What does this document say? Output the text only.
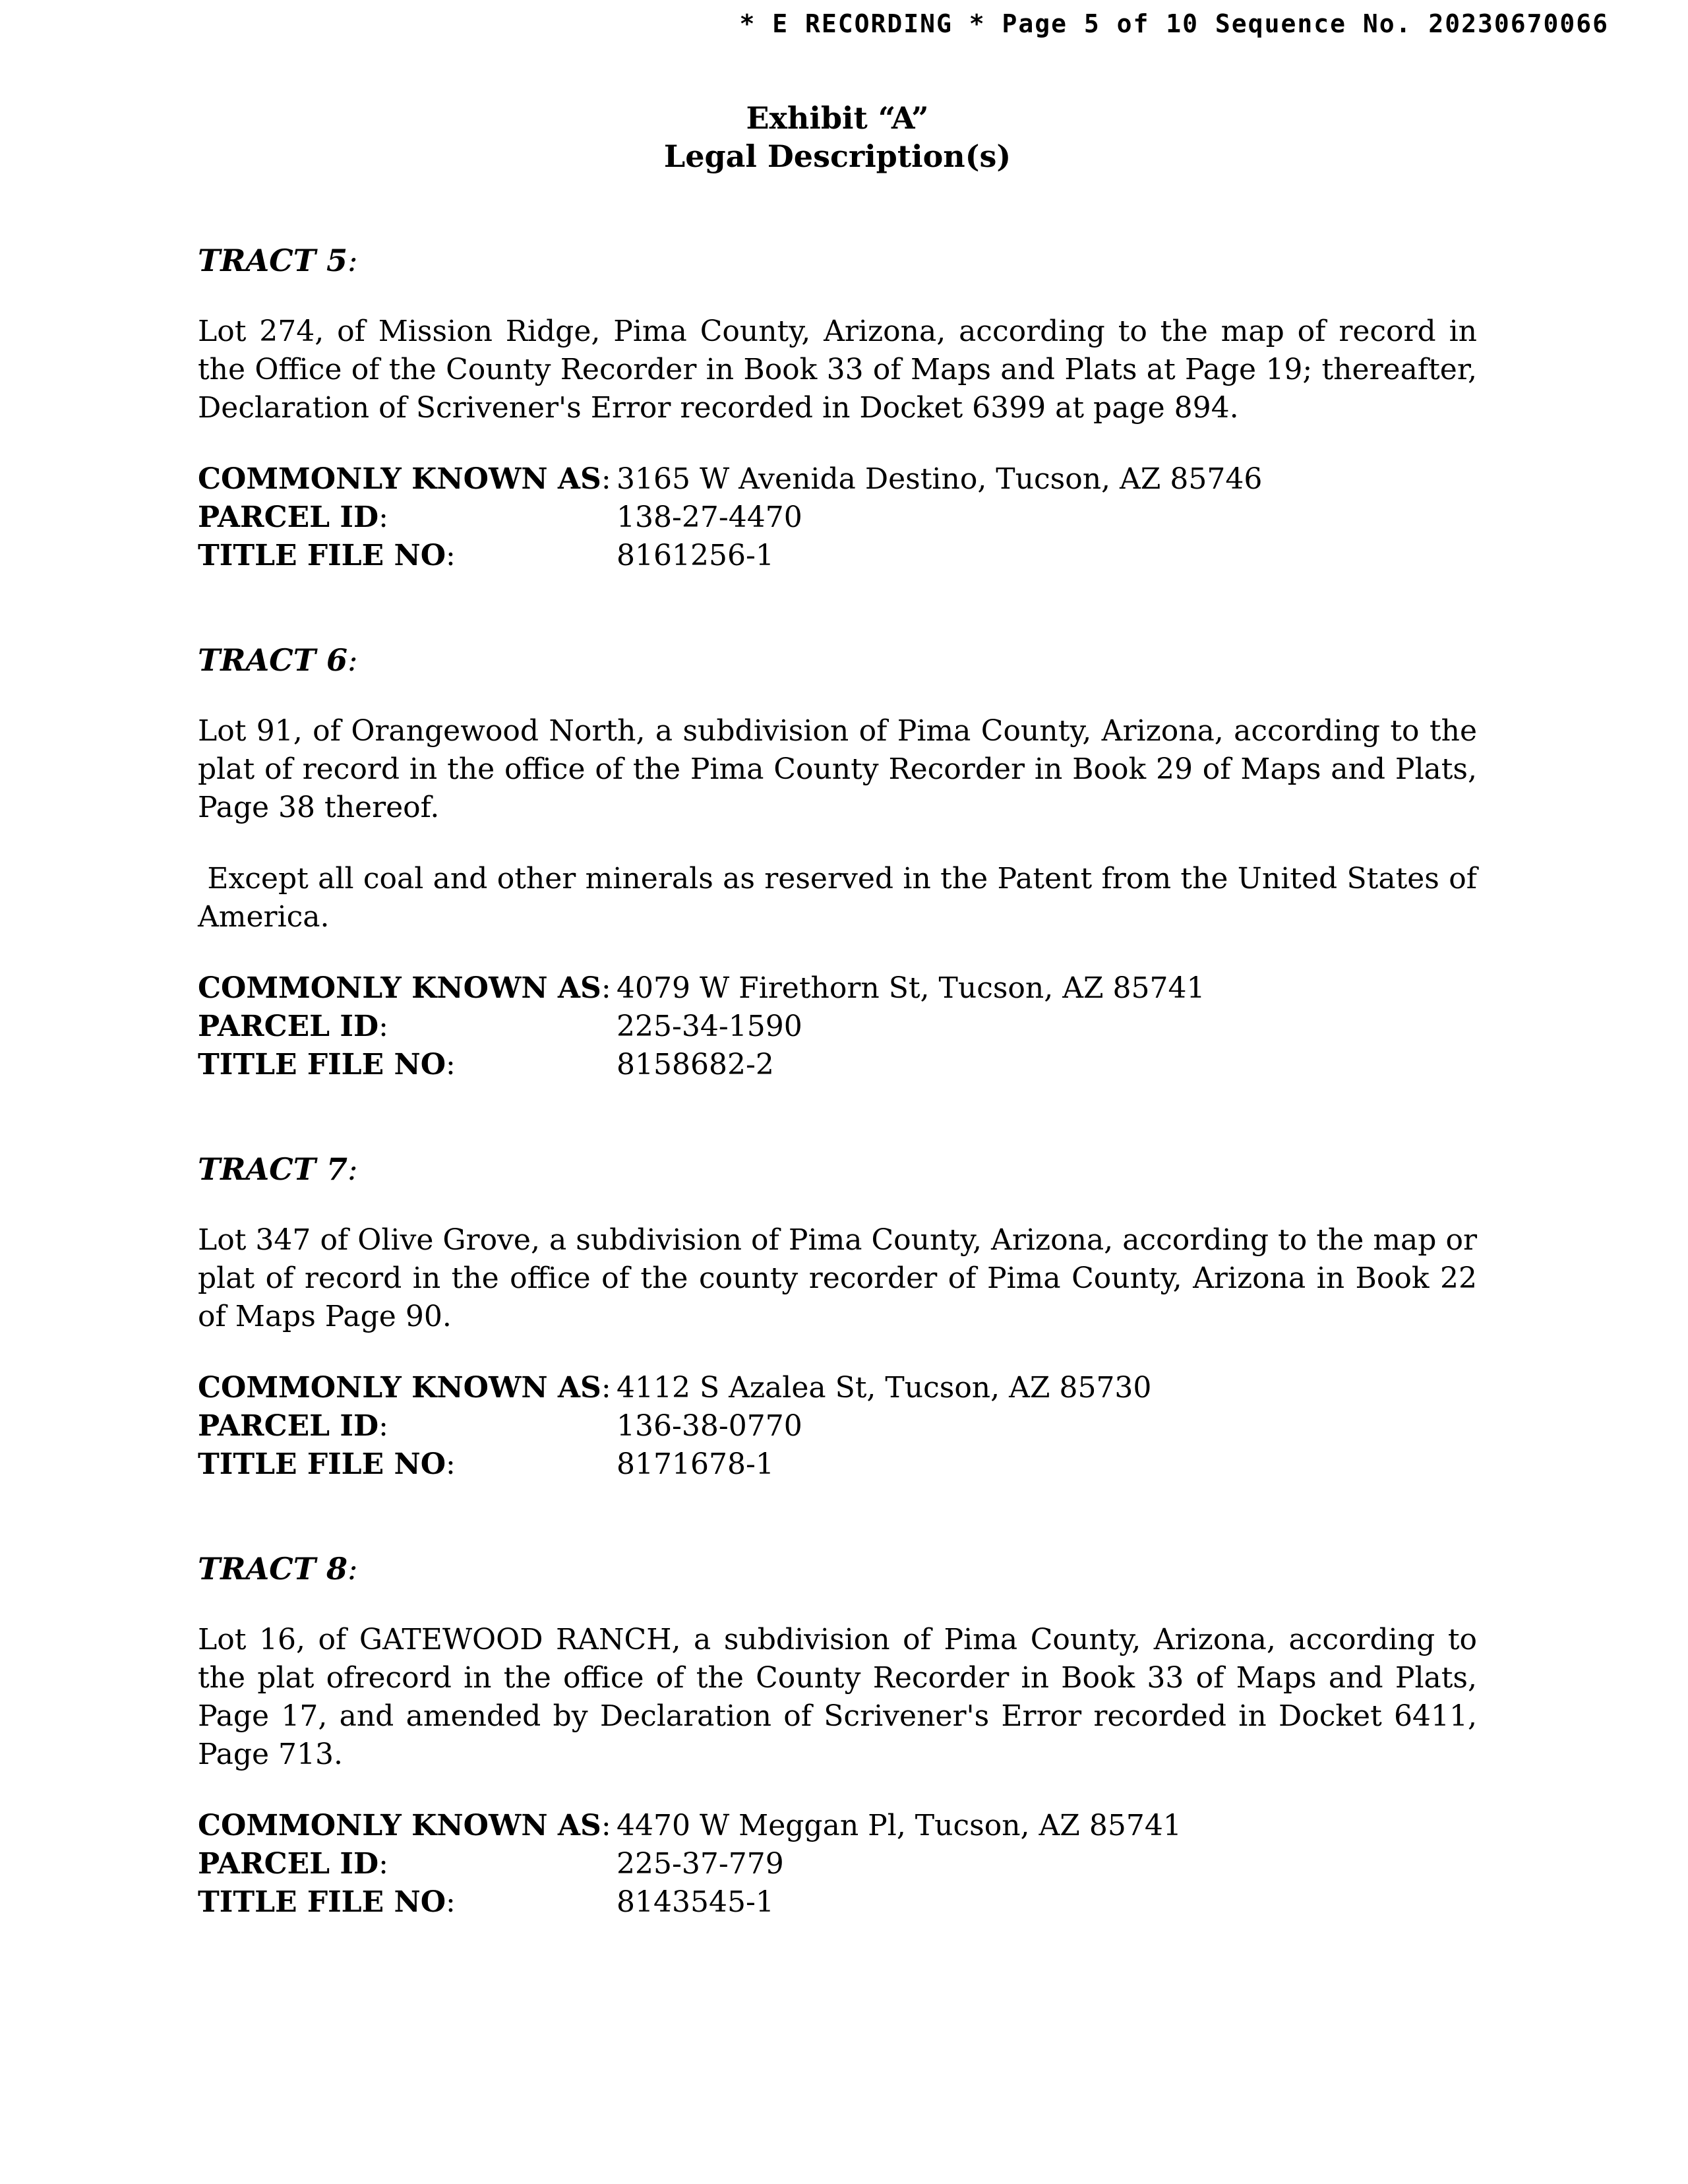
* E RECORDING * Page 5 of 10 Sequence No. 20230670066
Exhibit “A”
Legal Description(s)
TRACT 5:

Lot 274, of Mission Ridge, Pima County, Arizona, according to the map of record in the Office of the County Recorder in Book 33 of Maps and Plats at Page 19; thereafter, Declaration of Scrivener's Error recorded in Docket 6399 at page 894.

COMMONLY KNOWN AS: 3165 W Avenida Destino, Tucson, AZ 85746
PARCEL ID:	138-27-4470
TITLE FILE NO:	8161256-1
TRACT 6:

Lot 91, of Orangewood North, a subdivision of Pima County, Arizona, according to the plat of record in the office of the Pima County Recorder in Book 29 of Maps and Plats, Page 38 thereof.

Except all coal and other minerals as reserved in the Patent from the United States of America.

COMMONLY KNOWN AS: 4079 W Firethorn St, Tucson, AZ 85741
PARCEL ID:	225-34-1590
TITLE FILE NO:	8158682-2
TRACT 7:

Lot 347 of Olive Grove, a subdivision of Pima County, Arizona, according to the map or plat of record in the office of the county recorder of Pima County, Arizona in Book 22 of Maps Page 90.

COMMONLY KNOWN AS: 4112 S Azalea St, Tucson, AZ 85730
PARCEL ID:	136-38-0770
TITLE FILE NO:	8171678-1
TRACT 8:

Lot 16, of GATEWOOD RANCH, a subdivision of Pima County, Arizona, according to the plat ofrecord in the office of the County Recorder in Book 33 of Maps and Plats, Page 17, and amended by Declaration of Scrivener's Error recorded in Docket 6411, Page 713.

COMMONLY KNOWN AS: 4470 W Meggan Pl, Tucson, AZ 85741
PARCEL ID:	225-37-779
TITLE FILE NO:	8143545-1
